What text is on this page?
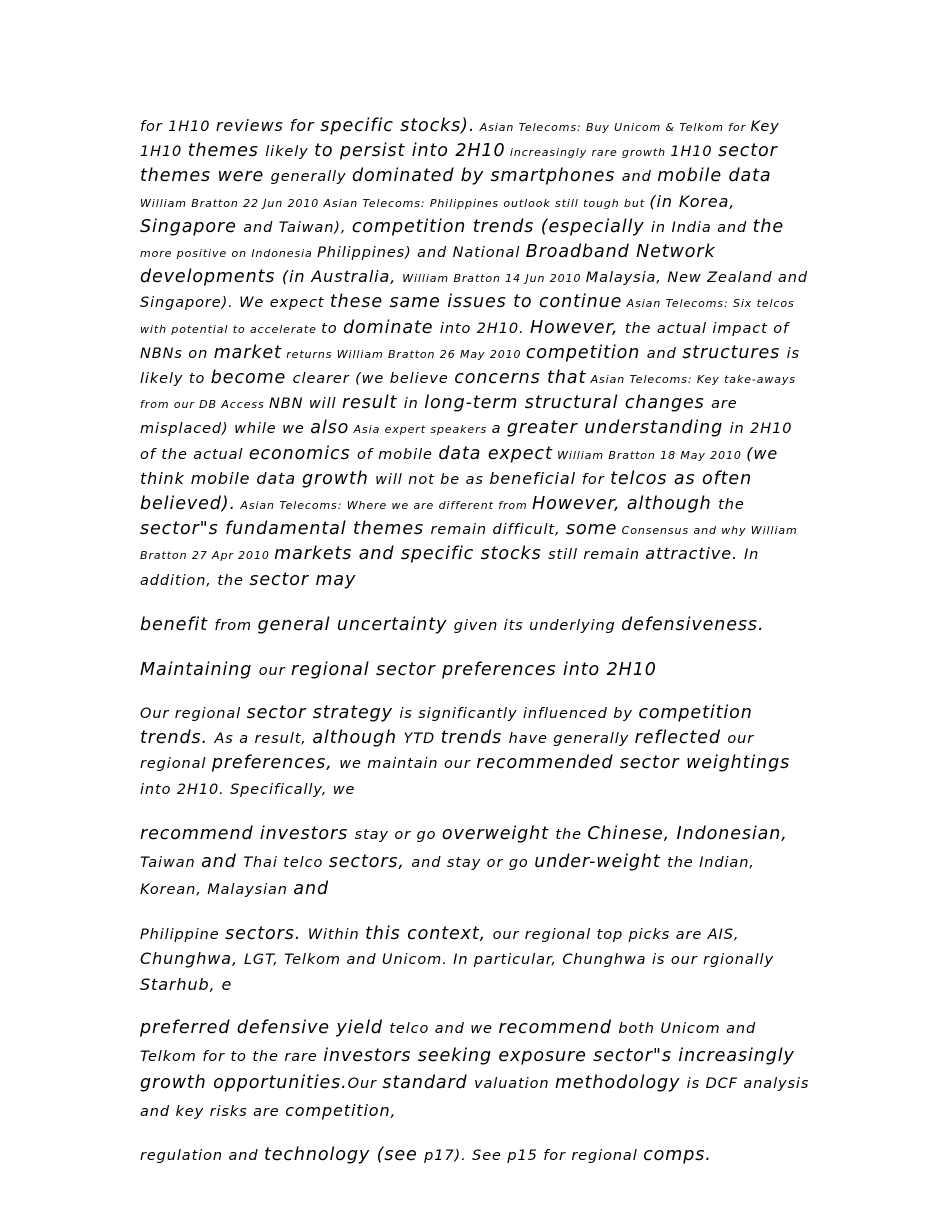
for 1H10 reviews for specific stocks). Asian Telecoms: Buy Unicom & Telkom for Key 1H10 themes likely to persist into 2H10 increasingly rare growth 1H10 sector themes were generally dominated by smartphones and mobile data William Bratton 22 Jun 2010 Asian Telecoms: Philippines outlook still tough but (in Korea, Singapore and Taiwan), competition trends (especially in India and the more positive on Indonesia Philippines) and National Broadband Network developments (in Australia, William Bratton 14 Jun 2010 Malaysia, New Zealand and Singapore). We expect these same issues to continue Asian Telecoms: Six telcos with potential to accelerate to dominate into 2H10. However, the actual impact of NBNs on market returns William Bratton 26 May 2010 competition and structures is likely to become clearer (we believe concerns that Asian Telecoms: Key take-aways from our DB Access NBN will result in long-term structural changes are misplaced) while we also Asia expert speakers a greater understanding in 2H10 of the actual economics of mobile data expect William Bratton 18 May 2010 (we think mobile data growth will not be as beneficial for telcos as often believed). Asian Telecoms: Where we are different from However, although the sector"s fundamental themes remain difficult, some Consensus and why William Bratton 27 Apr 2010 markets and specific stocks still remain attractive. In addition, the sector may

benefit from general uncertainty given its underlying defensiveness.

Maintaining our regional sector preferences into 2H10

Our regional sector strategy is significantly influenced by competition trends. As a result, although YTD trends have generally reflected our regional preferences, we maintain our recommended sector weightings into 2H10. Specifically, we

recommend investors stay or go overweight the Chinese, Indonesian, Taiwan and Thai telco sectors, and stay or go under-weight the Indian, Korean, Malaysian and

Philippine sectors. Within this context, our regional top picks are AIS, Chunghwa, LGT, Telkom and Unicom. In particular, Chunghwa is our rgionally Starhub, e

preferred defensive yield telco and we recommend both Unicom and Telkom for to the rare investors seeking exposure sector"s increasingly growth opportunities.Our standard valuation methodology is DCF analysis and key risks are competition,

regulation and technology (see p17). See p15 for regional comps.
